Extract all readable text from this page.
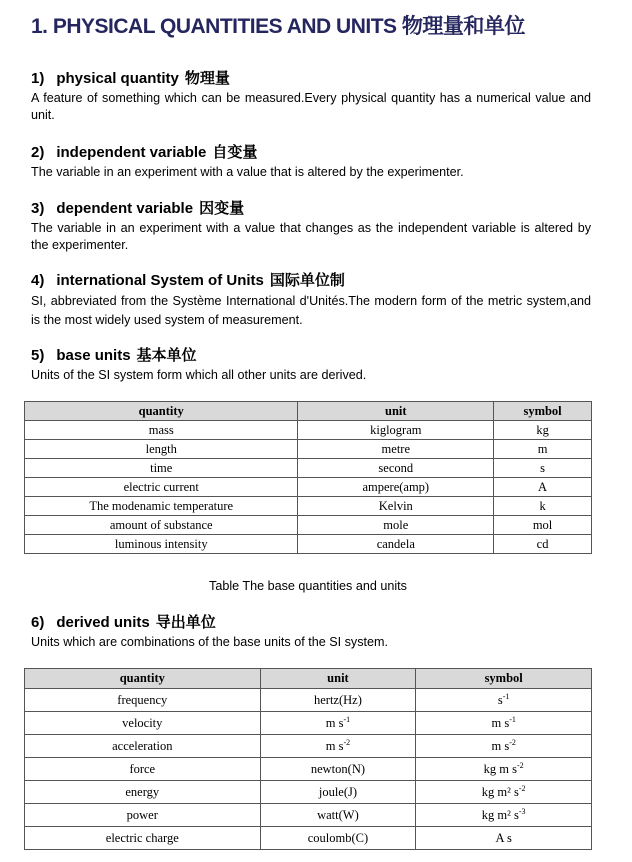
1. PHYSICAL QUANTITIES AND UNITS 物理量和单位

1) physical quantity 物理量

A feature of something which can be measured.Every physical quantity has a numerical value and unit.

2) independent variable 自变量

The variable in an experiment with a value that is altered by the experimenter.

3) dependent variable 因变量

The variable in an experiment with a value that changes as the independent variable is altered by the experimenter.

4) international System of Units 国际单位制

SI, abbreviated from the Système International d'Unités.The modern form of the metric system,and is the most widely used system of measurement.

5) base units 基本单位

Units of the SI system form which all other units are derived.

quantity	unit	symbol
mass	kiglogram	kg
length	metre	m
time	second	s
electric current	ampere(amp)	A
The modenamic temperature	Kelvin	k
amount of substance	mole	mol
luminous intensity	candela	cd
Table The base quantities and units

6) derived units 导出单位

Units which are combinations of the base units of the SI system.

quantity	unit	symbol
frequency	hertz(Hz)	$s^{-1}$
velocity	m $s^{-1}$	m $s^{-1}$
acceleration	m $s^{-2}$	m $s^{-2}$
force	newton(N)	kg m $s^{-2}$
energy	joule(J)	kg m² $s^{-2}$
power	watt(W)	kg m² $s^{-3}$
electric charge	coulomb(C)	A s
